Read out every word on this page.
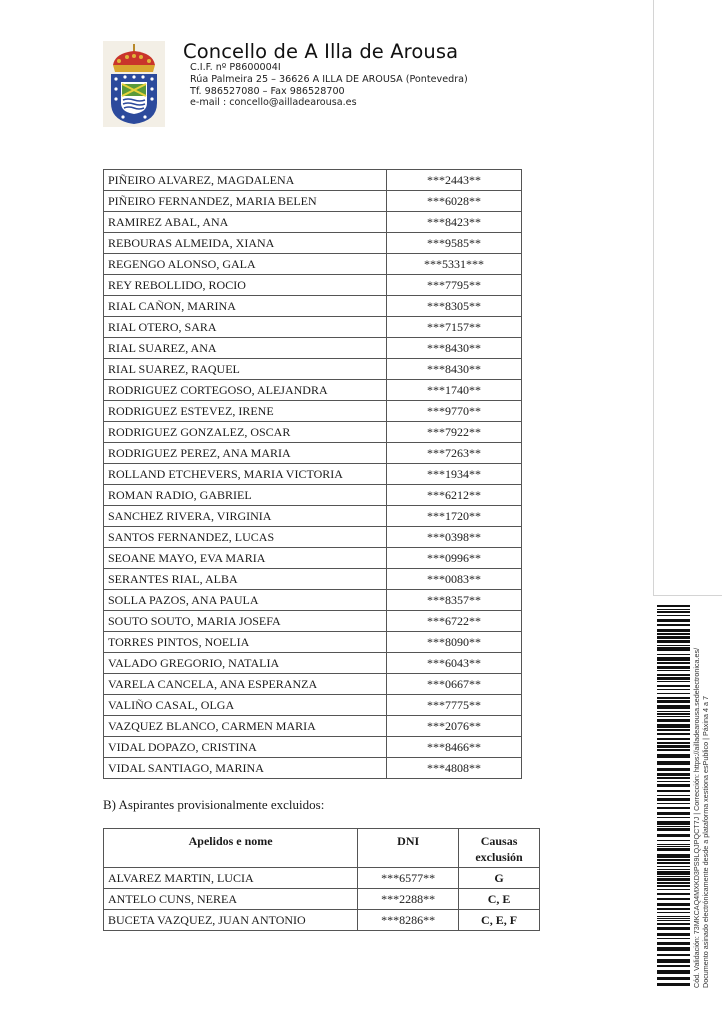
Concello de A Illa de Arousa
C.I.F. nº P8600004I
Rúa Palmeira 25 – 36626 A ILLA DE AROUSA (Pontevedra)
Tf. 986527080 – Fax 986528700
e-mail : concello@ailladearousa.es
PIÑEIRO ALVAREZ, MAGDALENA	***2443**
PIÑEIRO FERNANDEZ, MARIA BELEN	***6028**
RAMIREZ ABAL, ANA	***8423**
REBOURAS ALMEIDA, XIANA	***9585**
REGENGO ALONSO, GALA	***5331***
REY REBOLLIDO, ROCIO	***7795**
RIAL CAÑON, MARINA	***8305**
RIAL OTERO, SARA	***7157**
RIAL SUAREZ, ANA	***8430**
RIAL SUAREZ, RAQUEL	***8430**
RODRIGUEZ CORTEGOSO, ALEJANDRA	***1740**
RODRIGUEZ ESTEVEZ, IRENE	***9770**
RODRIGUEZ GONZALEZ, OSCAR	***7922**
RODRIGUEZ PEREZ, ANA MARIA	***7263**
ROLLAND ETCHEVERS, MARIA VICTORIA	***1934**
ROMAN RADIO, GABRIEL	***6212**
SANCHEZ RIVERA, VIRGINIA	***1720**
SANTOS FERNANDEZ, LUCAS	***0398**
SEOANE MAYO, EVA MARIA	***0996**
SERANTES RIAL, ALBA	***0083**
SOLLA PAZOS, ANA PAULA	***8357**
SOUTO SOUTO, MARIA JOSEFA	***6722**
TORRES PINTOS, NOELIA	***8090**
VALADO GREGORIO, NATALIA	***6043**
VARELA CANCELA, ANA ESPERANZA	***0667**
VALIÑO CASAL, OLGA	***7775**
VAZQUEZ BLANCO, CARMEN MARIA	***2076**
VIDAL DOPAZO, CRISTINA	***8466**
VIDAL SANTIAGO, MARINA	***4808**
B) Aspirantes provisionalmente excluidos:
Apelidos e nome	DNI	Causas
exclusión
ALVAREZ MARTIN, LUCIA	***6577**	G
ANTELO CUNS, NEREA	***2288**	C, E
BUCETA VAZQUEZ, JUAN ANTONIO	***8286**	C, E, F	Cód. Validación: 73MKCAQ4MXKD3PS9LQJPQCT7J | Corrección: https://ailladearousa.sedelectronica.es/ Documento asinado electrónicamente desde a plataforma xestiona esPublico | Páxina 4 a 7
